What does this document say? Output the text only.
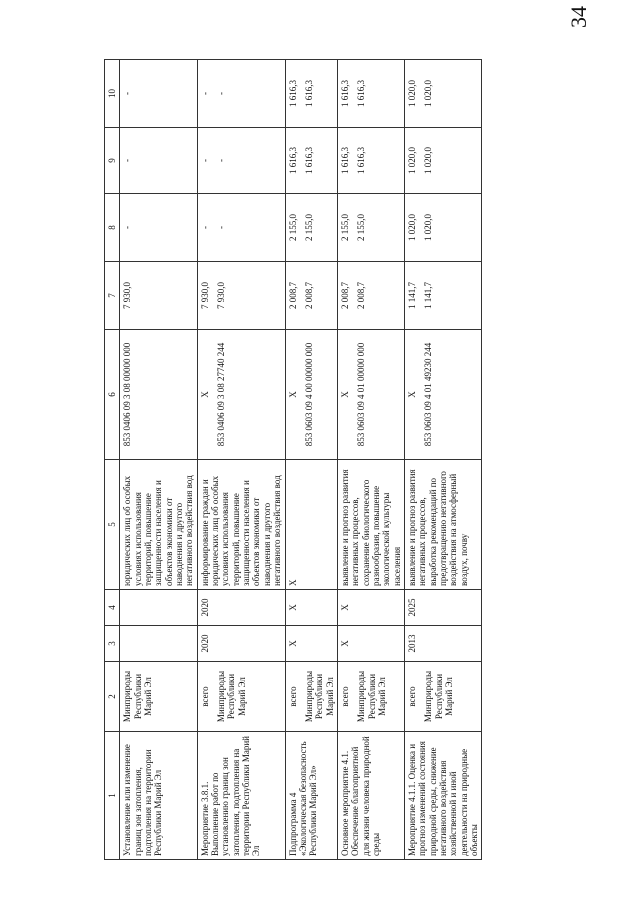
34
1	2	3	4	5	6	7	8	9	10

Установление или изменение границ зон затопления, подтопления на территории Республики Марий Эл	Минприроды Республики Марий Эл			юридических лиц об особых условиях использования территорий, повышение защищенности населения и объектов экономики от наводнения и другого негативного воздействия вод	853 0406 09 3 08 00000 000	7 930,0	-	-	-

Мероприятие 3.8.1. Выполнение работ по установлению границ зон затопления, подтопления на территории Республики Марий Эл	всего Минприроды Республики Марий Эл	2020	2020	информирование граждан и юридических лиц об особых условиях использования территорий, повышение защищенности населения и объектов экономики от наводнения и другого негативного воздействия вод	Х 853 0406 09 3 08 27740 244	7 930,0 7 930,0	- -	- -	- -

Подпрограмма 4 «Экологическая безопасность Республики Марий Эл»	всего Минприроды Республики Марий Эл	Х	Х	Х	Х 853 0603 09 4 00 00000 000	2 008,7 2 008,7	2 155,0 2 155,0	1 616,3 1 616,3	1 616,3 1 616,3

Основное мероприятие 4.1. Обеспечение благоприятной для жизни человека природной среды	всего Минприроды Республики Марий Эл	Х	Х	выявление и прогноз развития негативных процессов, сохранение биологического разнообразия, повышение экологической культуры населения	Х 853 0603 09 4 01 00000 000	2 008,7 2 008,7	2 155,0 2 155,0	1 616,3 1 616,3	1 616,3 1 616,3

Мероприятие 4.1.1. Оценка и прогноз изменений состояния природной среды, снижение негативного воздействия хозяйственной и иной деятельности на природные объекты	всего Минприроды Республики Марий Эл	2013	2025	выявление и прогноз развития негативных процессов, выработка рекомендаций по предотвращению негативного воздействия на атмосферный воздух, почву	Х 853 0603 09 4 01 49230 244	1 141,7 1 141,7	1 020,0 1 020,0	1 020,0 1 020,0	1 020,0 1 020,0
